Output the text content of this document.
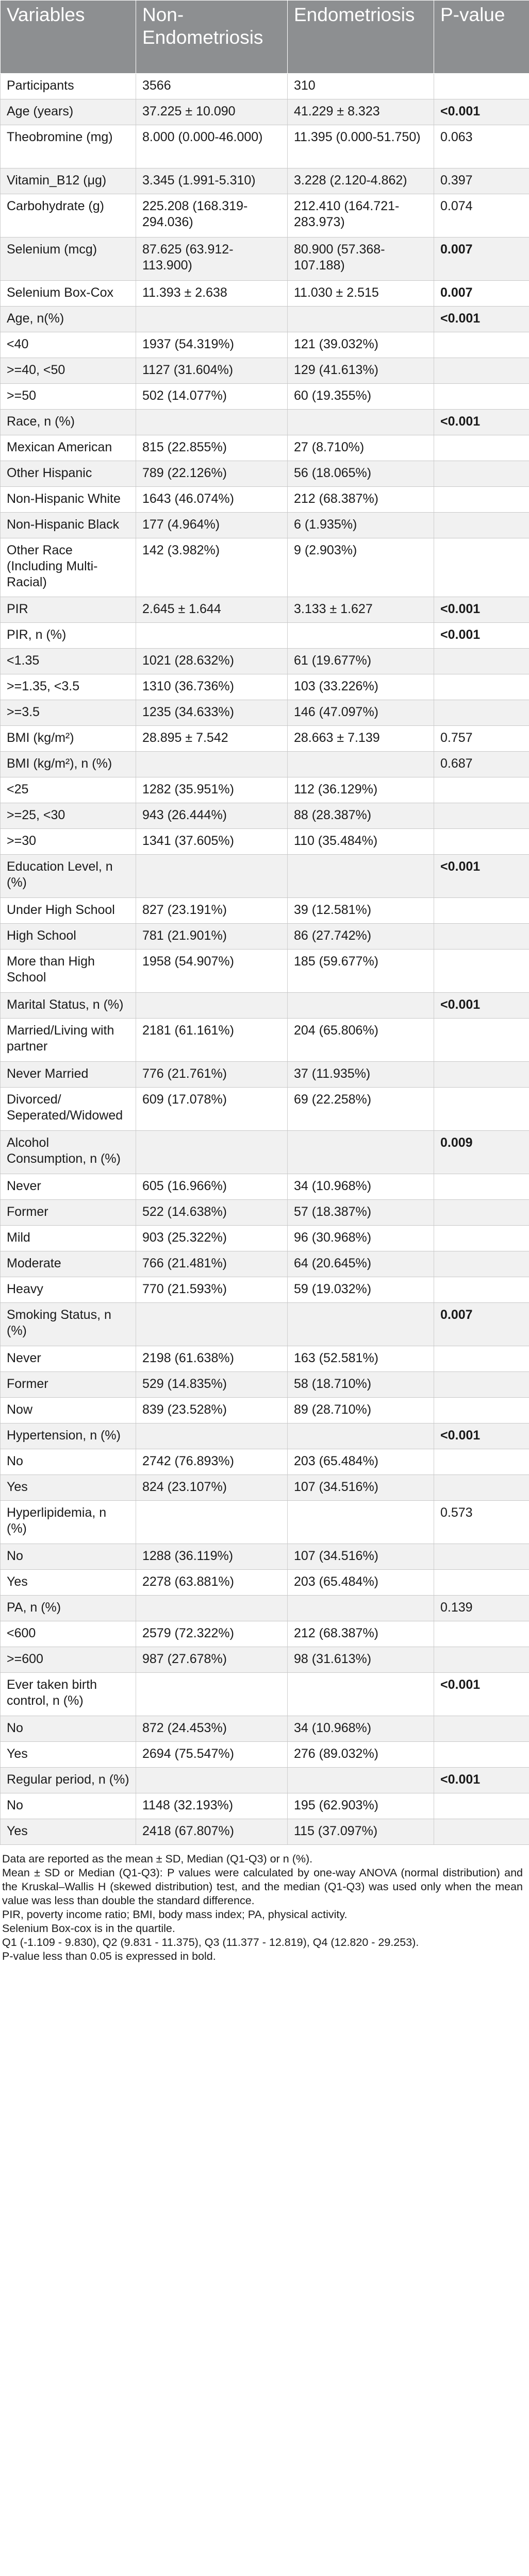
Variables	Non-Endometriosis	Endometriosis	P-value
Participants	3566	310	
Age (years)	37.225 ± 10.090	41.229 ± 8.323	<0.001
Theobromine (mg)	8.000 (0.000-46.000)	11.395 (0.000-51.750)	0.063
Vitamin_B12 (μg)	3.345 (1.991-5.310)	3.228 (2.120-4.862)	0.397
Carbohydrate (g)	225.208 (168.319-294.036)	212.410 (164.721-283.973)	0.074
Selenium (mcg)	87.625 (63.912-113.900)	80.900 (57.368-107.188)	0.007
Selenium Box-Cox	11.393 ± 2.638	11.030 ± 2.515	0.007
Age, n(%)			<0.001
<40	1937 (54.319%)	121 (39.032%)	
>=40, <50	1127 (31.604%)	129 (41.613%)	
>=50	502 (14.077%)	60 (19.355%)	
Race, n (%)			<0.001
Mexican American	815 (22.855%)	27 (8.710%)	
Other Hispanic	789 (22.126%)	56 (18.065%)	
Non-Hispanic White	1643 (46.074%)	212 (68.387%)	
Non-Hispanic Black	177 (4.964%)	6 (1.935%)	
Other Race (Including Multi-Racial)	142 (3.982%)	9 (2.903%)	
PIR	2.645 ± 1.644	3.133 ± 1.627	<0.001
PIR, n (%)			<0.001
<1.35	1021 (28.632%)	61 (19.677%)	
>=1.35, <3.5	1310 (36.736%)	103 (33.226%)	
>=3.5	1235 (34.633%)	146 (47.097%)	
BMI (kg/m²)	28.895 ± 7.542	28.663 ± 7.139	0.757
BMI (kg/m²), n (%)			0.687
<25	1282 (35.951%)	112 (36.129%)	
>=25, <30	943 (26.444%)	88 (28.387%)	
>=30	1341 (37.605%)	110 (35.484%)	
Education Level, n (%)			<0.001
Under High School	827 (23.191%)	39 (12.581%)	
High School	781 (21.901%)	86 (27.742%)	
More than High School	1958 (54.907%)	185 (59.677%)	
Marital Status, n (%)			<0.001
Married/Living with partner	2181 (61.161%)	204 (65.806%)	
Never Married	776 (21.761%)	37 (11.935%)	
Divorced/ Seperated/Widowed	609 (17.078%)	69 (22.258%)	
Alcohol Consumption, n (%)			0.009
Never	605 (16.966%)	34 (10.968%)	
Former	522 (14.638%)	57 (18.387%)	
Mild	903 (25.322%)	96 (30.968%)	
Moderate	766 (21.481%)	64 (20.645%)	
Heavy	770 (21.593%)	59 (19.032%)	
Smoking Status, n (%)			0.007
Never	2198 (61.638%)	163 (52.581%)	
Former	529 (14.835%)	58 (18.710%)	
Now	839 (23.528%)	89 (28.710%)	
Hypertension, n (%)			<0.001
No	2742 (76.893%)	203 (65.484%)	
Yes	824 (23.107%)	107 (34.516%)	
Hyperlipidemia, n (%)			0.573
No	1288 (36.119%)	107 (34.516%)	
Yes	2278 (63.881%)	203 (65.484%)	
PA, n (%)			0.139
<600	2579 (72.322%)	212 (68.387%)	
>=600	987 (27.678%)	98 (31.613%)	
Ever taken birth control, n (%)			<0.001
No	872 (24.453%)	34 (10.968%)	
Yes	2694 (75.547%)	276 (89.032%)	
Regular period, n (%)			<0.001
No	1148 (32.193%)	195 (62.903%)	
Yes	2418 (67.807%)	115 (37.097%)	

Data are reported as the mean ± SD, Median (Q1-Q3) or n (%).

Mean ± SD or Median (Q1-Q3): P values were calculated by one-way ANOVA (normal distribution) and the Kruskal–Wallis H (skewed distribution) test, and the median (Q1-Q3) was used only when the mean value was less than double the standard difference.

PIR, poverty income ratio; BMI, body mass index; PA, physical activity.

Selenium Box-cox is in the quartile.

Q1 (-1.109 - 9.830), Q2 (9.831 - 11.375), Q3 (11.377 - 12.819), Q4 (12.820 - 29.253).

P-value less than 0.05 is expressed in bold.
